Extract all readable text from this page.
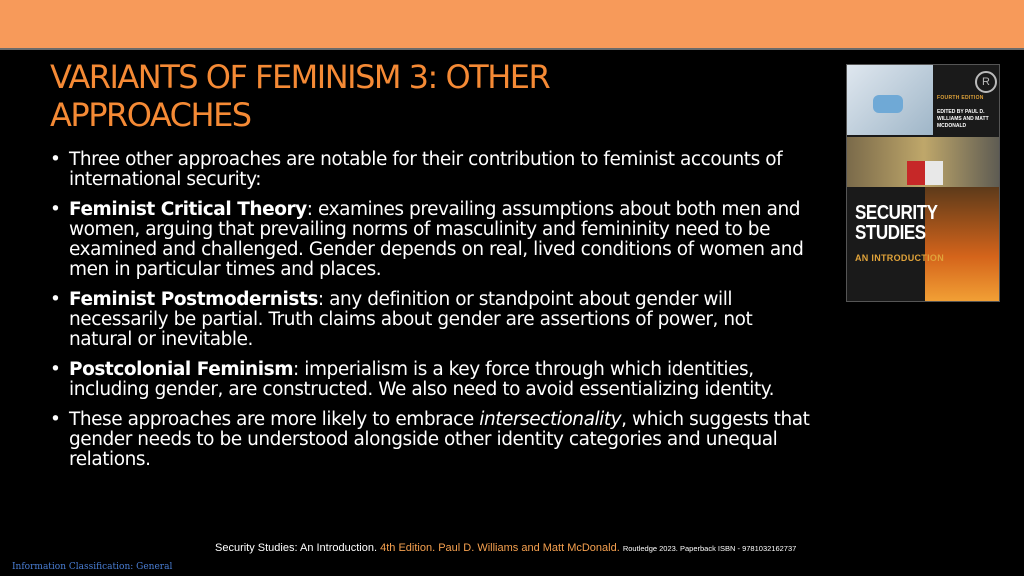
VARIANTS OF FEMINISM 3: OTHER
APPROACHES
• Three other approaches are notable for their contribution to feminist accounts of international security:
• Feminist Critical Theory: examines prevailing assumptions about both men and women, arguing that prevailing norms of masculinity and femininity need to be examined and challenged. Gender depends on real, lived conditions of women and men in particular times and places.
• Feminist Postmodernists: any definition or standpoint about gender will necessarily be partial. Truth claims about gender are assertions of power, not natural or inevitable.
• Postcolonial Feminism: imperialism is a key force through which identities, including gender, are constructed. We also need to avoid essentializing identity.
• These approaches are more likely to embrace intersectionality, which suggests that gender needs to be understood alongside other identity categories and unequal relations.
R
FOURTH EDITION
EDITED BY PAUL D. WILLIAMS AND MATT MCDONALD
SECURITY
STUDIES
AN INTRODUCTION
Security Studies: An Introduction. 4th Edition. Paul D. Williams and Matt McDonald. Routledge 2023. Paperback ISBN - 9781032162737
Information Classification: General
